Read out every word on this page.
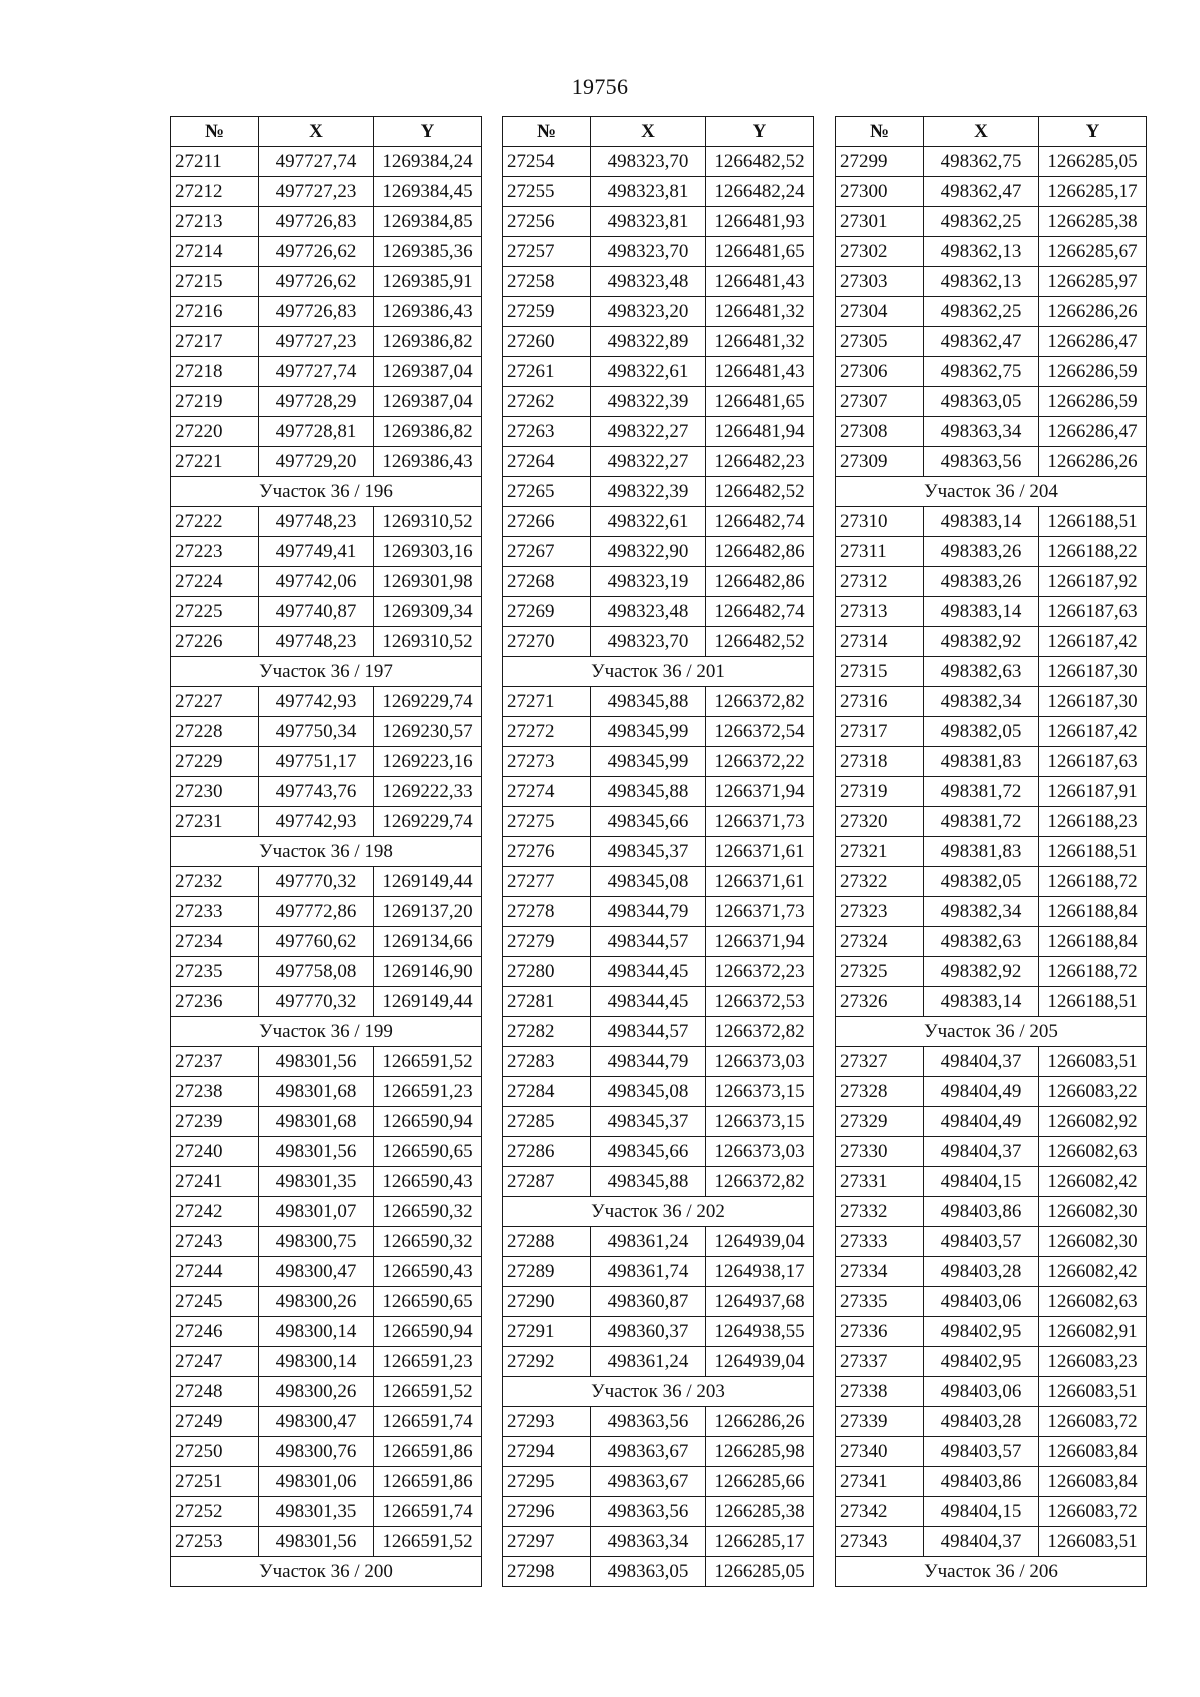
19756
№	X	Y
27211	497727,74	1269384,24
27212	497727,23	1269384,45
27213	497726,83	1269384,85
27214	497726,62	1269385,36
27215	497726,62	1269385,91
27216	497726,83	1269386,43
27217	497727,23	1269386,82
27218	497727,74	1269387,04
27219	497728,29	1269387,04
27220	497728,81	1269386,82
27221	497729,20	1269386,43
Участок 36 / 196		
27222	497748,23	1269310,52
27223	497749,41	1269303,16
27224	497742,06	1269301,98
27225	497740,87	1269309,34
27226	497748,23	1269310,52
Участок 36 / 197		
27227	497742,93	1269229,74
27228	497750,34	1269230,57
27229	497751,17	1269223,16
27230	497743,76	1269222,33
27231	497742,93	1269229,74
Участок 36 / 198		
27232	497770,32	1269149,44
27233	497772,86	1269137,20
27234	497760,62	1269134,66
27235	497758,08	1269146,90
27236	497770,32	1269149,44
Участок 36 / 199		
27237	498301,56	1266591,52
27238	498301,68	1266591,23
27239	498301,68	1266590,94
27240	498301,56	1266590,65
27241	498301,35	1266590,43
27242	498301,07	1266590,32
27243	498300,75	1266590,32
27244	498300,47	1266590,43
27245	498300,26	1266590,65
27246	498300,14	1266590,94
27247	498300,14	1266591,23
27248	498300,26	1266591,52
27249	498300,47	1266591,74
27250	498300,76	1266591,86
27251	498301,06	1266591,86
27252	498301,35	1266591,74
27253	498301,56	1266591,52
Участок 36 / 200		
№	X	Y
27254	498323,70	1266482,52
27255	498323,81	1266482,24
27256	498323,81	1266481,93
27257	498323,70	1266481,65
27258	498323,48	1266481,43
27259	498323,20	1266481,32
27260	498322,89	1266481,32
27261	498322,61	1266481,43
27262	498322,39	1266481,65
27263	498322,27	1266481,94
27264	498322,27	1266482,23
27265	498322,39	1266482,52
27266	498322,61	1266482,74
27267	498322,90	1266482,86
27268	498323,19	1266482,86
27269	498323,48	1266482,74
27270	498323,70	1266482,52
Участок 36 / 201		
27271	498345,88	1266372,82
27272	498345,99	1266372,54
27273	498345,99	1266372,22
27274	498345,88	1266371,94
27275	498345,66	1266371,73
27276	498345,37	1266371,61
27277	498345,08	1266371,61
27278	498344,79	1266371,73
27279	498344,57	1266371,94
27280	498344,45	1266372,23
27281	498344,45	1266372,53
27282	498344,57	1266372,82
27283	498344,79	1266373,03
27284	498345,08	1266373,15
27285	498345,37	1266373,15
27286	498345,66	1266373,03
27287	498345,88	1266372,82
Участок 36 / 202		
27288	498361,24	1264939,04
27289	498361,74	1264938,17
27290	498360,87	1264937,68
27291	498360,37	1264938,55
27292	498361,24	1264939,04
Участок 36 / 203		
27293	498363,56	1266286,26
27294	498363,67	1266285,98
27295	498363,67	1266285,66
27296	498363,56	1266285,38
27297	498363,34	1266285,17
27298	498363,05	1266285,05
№	X	Y
27299	498362,75	1266285,05
27300	498362,47	1266285,17
27301	498362,25	1266285,38
27302	498362,13	1266285,67
27303	498362,13	1266285,97
27304	498362,25	1266286,26
27305	498362,47	1266286,47
27306	498362,75	1266286,59
27307	498363,05	1266286,59
27308	498363,34	1266286,47
27309	498363,56	1266286,26
Участок 36 / 204		
27310	498383,14	1266188,51
27311	498383,26	1266188,22
27312	498383,26	1266187,92
27313	498383,14	1266187,63
27314	498382,92	1266187,42
27315	498382,63	1266187,30
27316	498382,34	1266187,30
27317	498382,05	1266187,42
27318	498381,83	1266187,63
27319	498381,72	1266187,91
27320	498381,72	1266188,23
27321	498381,83	1266188,51
27322	498382,05	1266188,72
27323	498382,34	1266188,84
27324	498382,63	1266188,84
27325	498382,92	1266188,72
27326	498383,14	1266188,51
Участок 36 / 205		
27327	498404,37	1266083,51
27328	498404,49	1266083,22
27329	498404,49	1266082,92
27330	498404,37	1266082,63
27331	498404,15	1266082,42
27332	498403,86	1266082,30
27333	498403,57	1266082,30
27334	498403,28	1266082,42
27335	498403,06	1266082,63
27336	498402,95	1266082,91
27337	498402,95	1266083,23
27338	498403,06	1266083,51
27339	498403,28	1266083,72
27340	498403,57	1266083,84
27341	498403,86	1266083,84
27342	498404,15	1266083,72
27343	498404,37	1266083,51
Участок 36 / 206		
